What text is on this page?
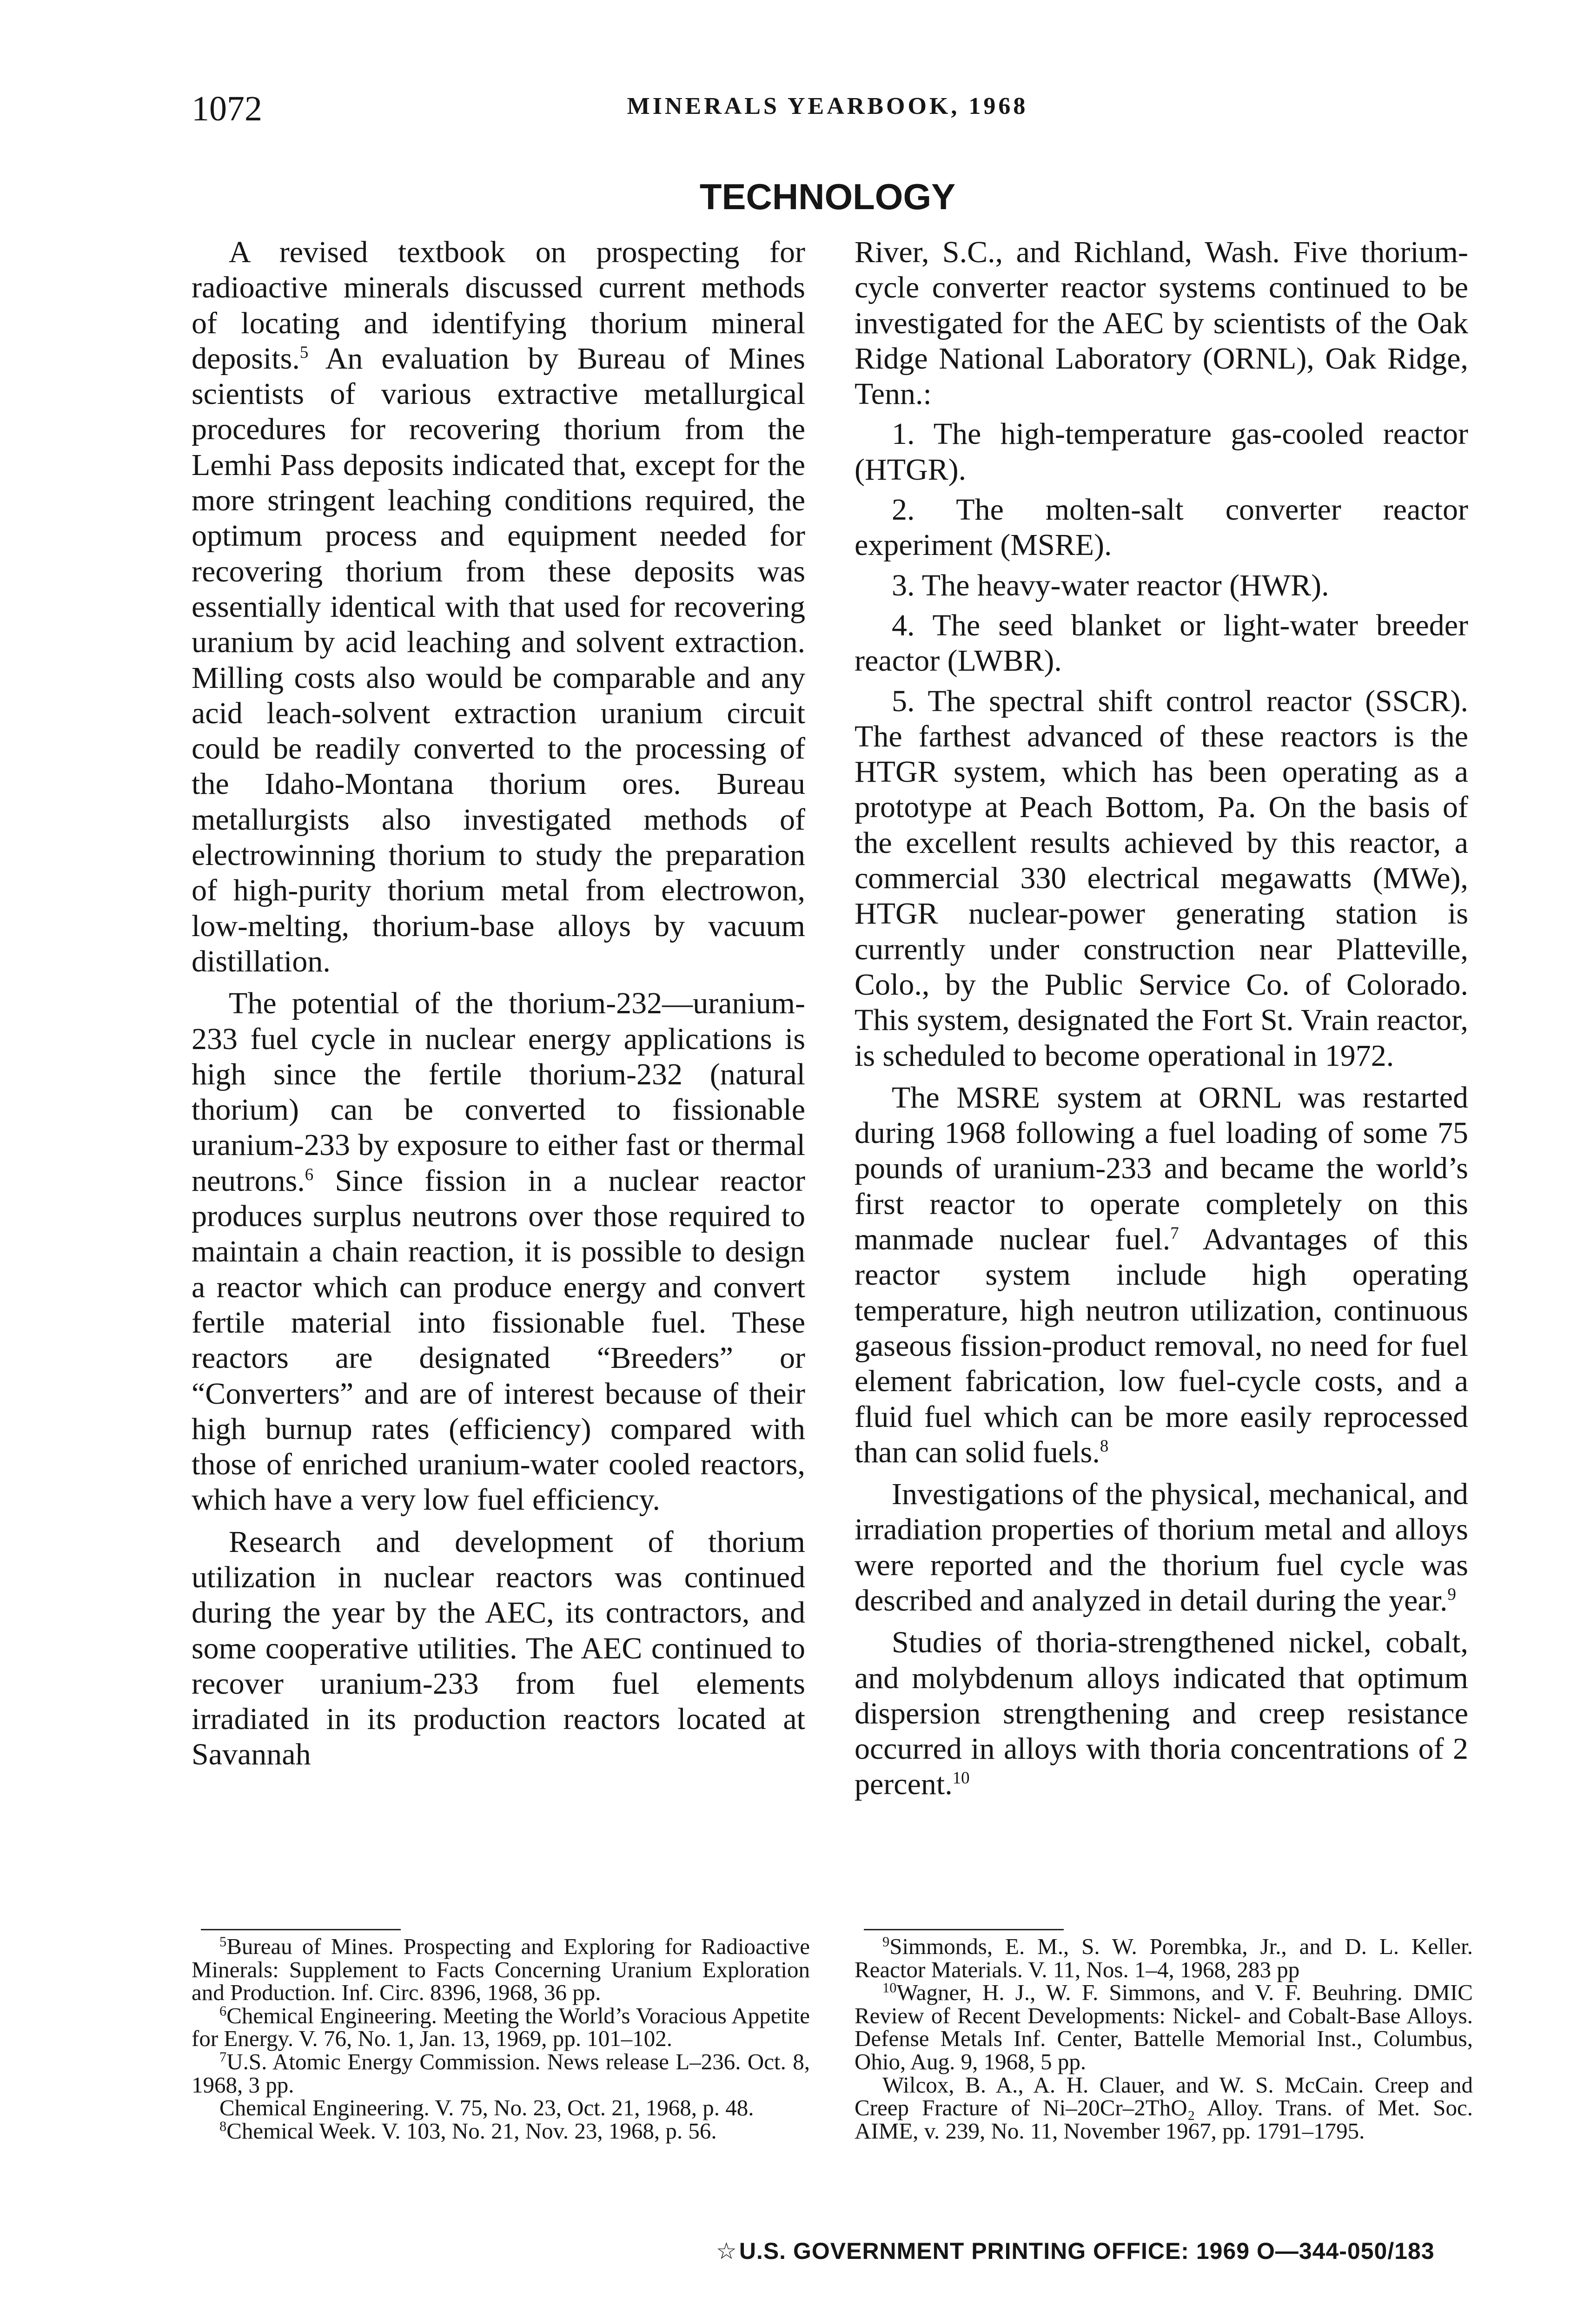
1072	MINERALS YEARBOOK, 1968
TECHNOLOGY

A revised textbook on prospecting for radioactive minerals discussed current methods of locating and identifying thorium mineral deposits.$^5$ An evaluation by Bureau of Mines scientists of various extractive metallurgical procedures for recovering thorium from the Lemhi Pass deposits indicated that, except for the more stringent leaching conditions required, the optimum process and equipment needed for recovering thorium from these deposits was essentially identical with that used for recovering uranium by acid leaching and solvent extraction. Milling costs also would be comparable and any acid leach-solvent extraction uranium circuit could be readily converted to the processing of the Idaho-Montana thorium ores. Bureau metallurgists also investigated methods of electrowinning thorium to study the preparation of high-purity thorium metal from electrowon, low-melting, thorium-base alloys by vacuum distillation.

The potential of the thorium-232—uranium-233 fuel cycle in nuclear energy applications is high since the fertile thorium-232 (natural thorium) can be converted to fissionable uranium-233 by exposure to either fast or thermal neutrons.$^6$ Since fission in a nuclear reactor produces surplus neutrons over those required to maintain a chain reaction, it is possible to design a reactor which can produce energy and convert fertile material into fissionable fuel. These reactors are designated “Breeders” or “Converters” and are of interest because of their high burnup rates (efficiency) compared with those of enriched uranium-water cooled reactors, which have a very low fuel efficiency.

Research and development of thorium utilization in nuclear reactors was continued during the year by the AEC, its contractors, and some cooperative utilities. The AEC continued to recover uranium-233 from fuel elements irradiated in its production reactors located at Savannah

River, S.C., and Richland, Wash. Five thorium-cycle converter reactor systems continued to be investigated for the AEC by scientists of the Oak Ridge National Laboratory (ORNL), Oak Ridge, Tenn.:

1. The high-temperature gas-cooled reactor (HTGR).

2. The molten-salt converter reactor experiment (MSRE).

3. The heavy-water reactor (HWR).

4. The seed blanket or light-water breeder reactor (LWBR).

5. The spectral shift control reactor (SSCR). The farthest advanced of these reactors is the HTGR system, which has been operating as a prototype at Peach Bottom, Pa. On the basis of the excellent results achieved by this reactor, a commercial 330 electrical megawatts (MWe), HTGR nuclear-power generating station is currently under construction near Platteville, Colo., by the Public Service Co. of Colorado. This system, designated the Fort St. Vrain reactor, is scheduled to become operational in 1972.

The MSRE system at ORNL was restarted during 1968 following a fuel loading of some 75 pounds of uranium-233 and became the world’s first reactor to operate completely on this manmade nuclear fuel.$^7$ Advantages of this reactor system include high operating temperature, high neutron utilization, continuous gaseous fission-product removal, no need for fuel element fabrication, low fuel-cycle costs, and a fluid fuel which can be more easily reprocessed than can solid fuels.$^8$

Investigations of the physical, mechanical, and irradiation properties of thorium metal and alloys were reported and the thorium fuel cycle was described and analyzed in detail during the year.$^9$

Studies of thoria-strengthened nickel, cobalt, and molybdenum alloys indicated that optimum dispersion strengthening and creep resistance occurred in alloys with thoria concentrations of 2 percent.$^{10}$

$^5$Bureau of Mines. Prospecting and Exploring for Radioactive Minerals: Supplement to Facts Concerning Uranium Exploration and Production. Inf. Circ. 8396, 1968, 36 pp.

$^6$Chemical Engineering. Meeting the World’s Voracious Appetite for Energy. V. 76, No. 1, Jan. 13, 1969, pp. 101–102.

$^7$U.S. Atomic Energy Commission. News release L–236. Oct. 8, 1968, 3 pp.

Chemical Engineering. V. 75, No. 23, Oct. 21, 1968, p. 48.

$^8$Chemical Week. V. 103, No. 21, Nov. 23, 1968, p. 56.

$^9$Simmonds, E. M., S. W. Porembka, Jr., and D. L. Keller. Reactor Materials. V. 11, Nos. 1–4, 1968, 283 pp

$^{10}$Wagner, H. J., W. F. Simmons, and V. F. Beuhring. DMIC Review of Recent Developments: Nickel- and Cobalt-Base Alloys. Defense Metals Inf. Center, Battelle Memorial Inst., Columbus, Ohio, Aug. 9, 1968, 5 pp.

Wilcox, B. A., A. H. Clauer, and W. S. McCain. Creep and Creep Fracture of Ni–20Cr–2ThO₂ Alloy. Trans. of Met. Soc. AIME, v. 239, No. 11, November 1967, pp. 1791–1795.

☆U.S. GOVERNMENT PRINTING OFFICE: 1969 O—344-050/183
